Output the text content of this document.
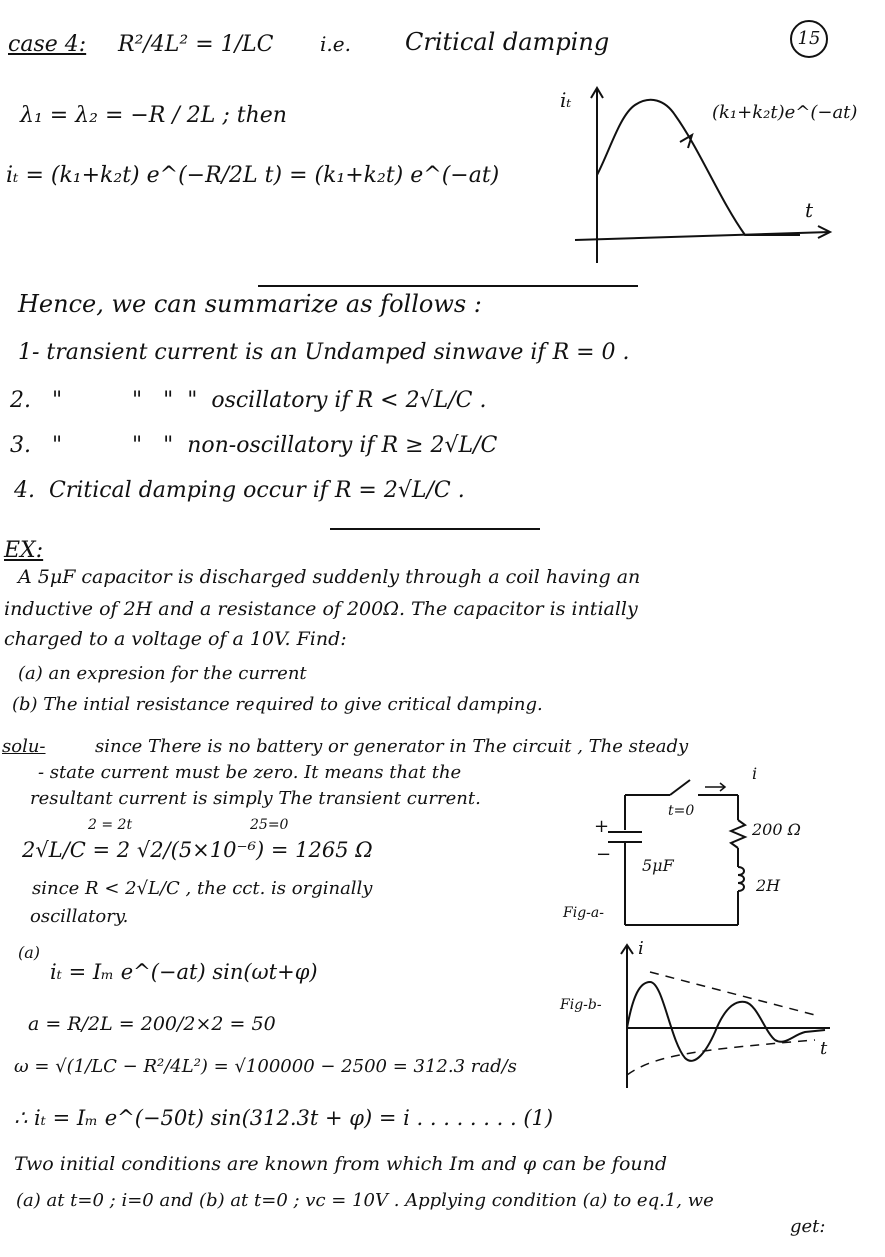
15
case 4: R²/4L² = 1/LC i.e. Critical damping
λ₁ = λ₂ = −R / 2L ; then
iₜ = (k₁+k₂t) e^(−R/2L t) = (k₁+k₂t) e^(−at)
iₜ
t
(k₁+k₂t)e^(−at)
Hence, we can summarize as follows :
1- transient current is an Undamped sinwave if R = 0 .
2.   "          "   "  "  oscillatory if R < 2√L/C .
3.   "          "   "  non-oscillatory if R ≥ 2√L/C
4.  Critical damping occur if R = 2√L/C .
EX:
A 5μF capacitor is discharged suddenly through a coil having an
inductive of 2H and a resistance of 200Ω. The capacitor is intially
charged to a voltage of a 10V. Find:
(a) an expresion for the current
(b) The intial resistance required to give critical damping.
solu-	since There is no battery or generator in The circuit , The steady
- state current must be zero. It means that the
resultant current is simply The transient current.
2 = 2t	25=0
2√L/C = 2 √2/(5×10⁻⁶) = 1265 Ω
since R < 2√L/C , the cct. is orginally
oscillatory.
(a)
iₜ = Iₘ e^(−at) sin(ωt+φ)
a = R/2L = 200/2×2 = 50
ω = √(1/LC − R²/4L²) = √100000 − 2500 = 312.3 rad/s
∴ iₜ = Iₘ e^(−50t) sin(312.3t + φ) = i . . . . . . . . (1)
Two initial conditions are known from which Im and φ can be found
(a) at t=0 ; i=0 and (b) at t=0 ; vc = 10V . Applying condition (a) to eq.1, we
get:
t=0
i
200 Ω
2H
5μF
+
−
Fig-a-
i
t
Fig-b-
